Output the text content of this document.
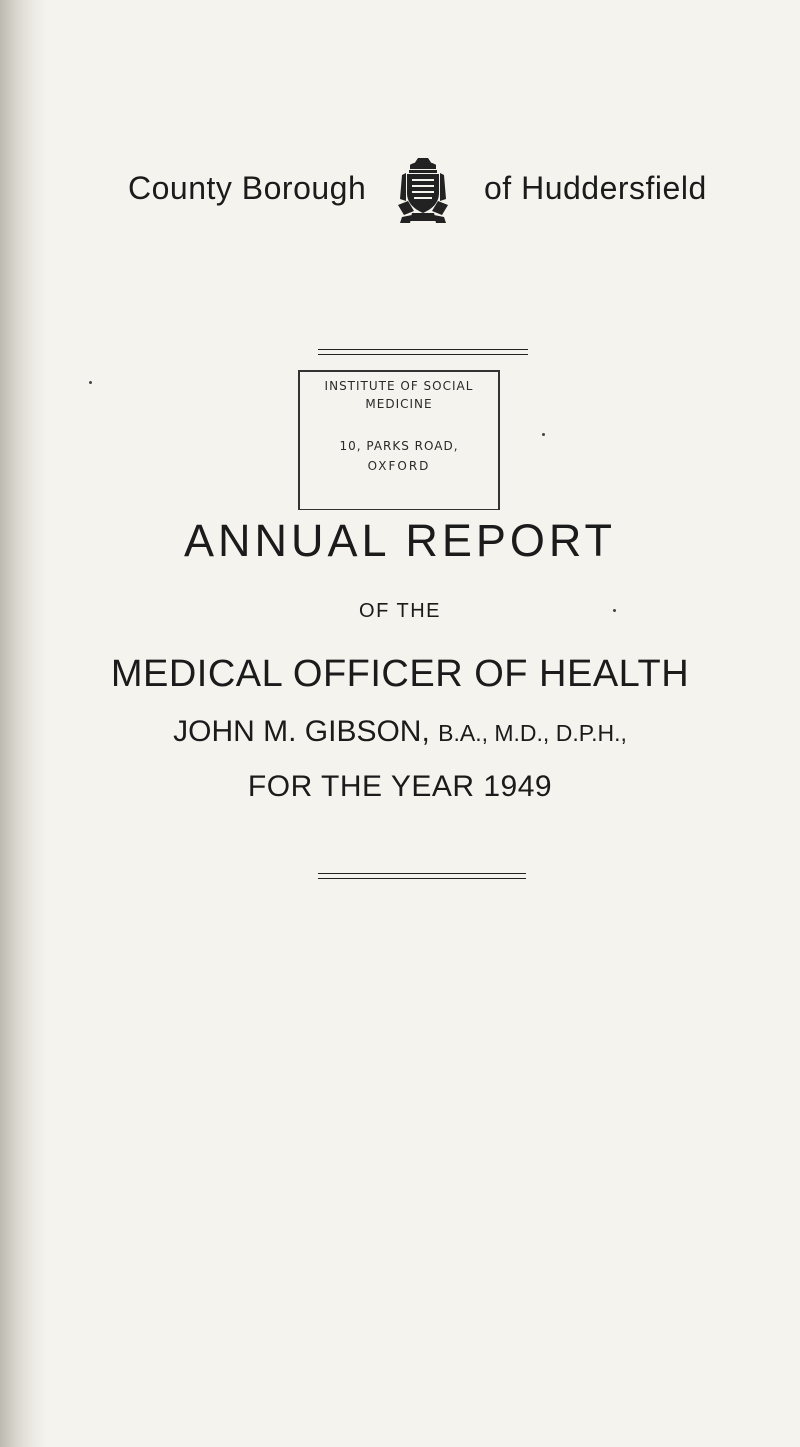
County Borough	of Huddersfield
INSTITUTE OF SOCIAL
MEDICINE
10, PARKS ROAD,
OXFORD
ANNUAL REPORT
OF THE
MEDICAL OFFICER OF HEALTH
JOHN M. GIBSON, B.A., M.D., D.P.H.,
FOR THE YEAR 1949
